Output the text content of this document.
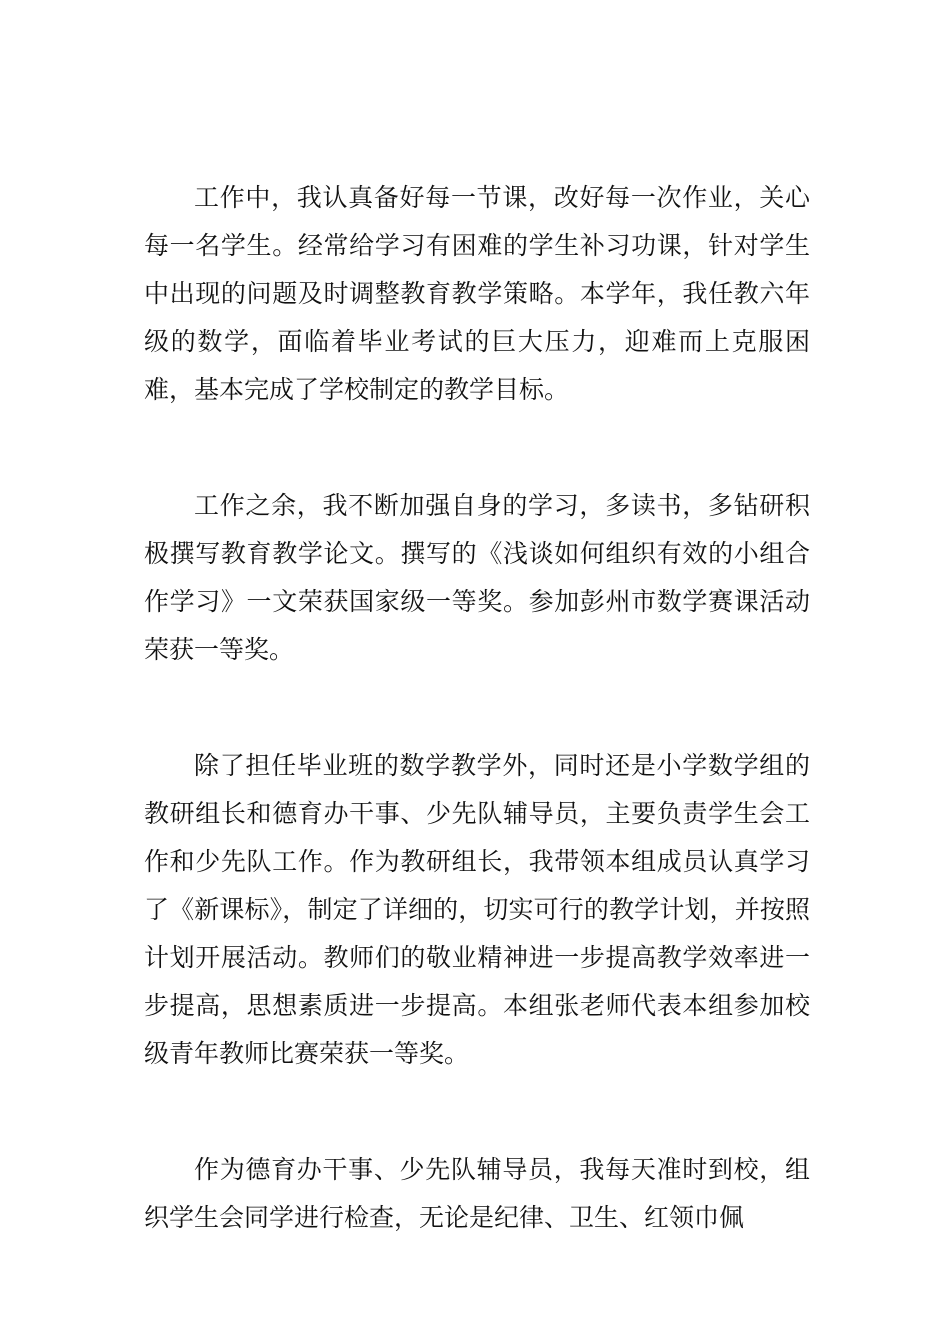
工作中，我认真备好每一节课，改好每一次作业，关心每一名学生。经常给学习有困难的学生补习功课，针对学生中出现的问题及时调整教育教学策略。本学年，我任教六年级的数学，面临着毕业考试的巨大压力，迎难而上克服困难，基本完成了学校制定的教学目标。

工作之余，我不断加强自身的学习，多读书，多钻研积极撰写教育教学论文。撰写的《浅谈如何组织有效的小组合作学习》一文荣获国家级一等奖。参加彭州市数学赛课活动荣获一等奖。

除了担任毕业班的数学教学外，同时还是小学数学组的教研组长和德育办干事、少先队辅导员，主要负责学生会工作和少先队工作。作为教研组长，我带领本组成员认真学习了《新课标》，制定了详细的，切实可行的教学计划，并按照计划开展活动。教师们的敬业精神进一步提高教学效率进一步提高，思想素质进一步提高。本组张老师代表本组参加校级青年教师比赛荣获一等奖。

作为德育办干事、少先队辅导员，我每天准时到校，组织学生会同学进行检查，无论是纪律、卫生、红领巾佩
